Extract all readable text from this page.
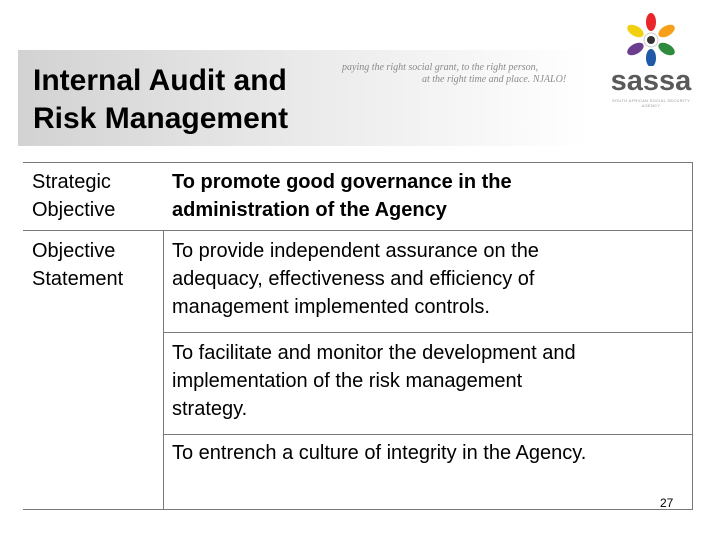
Internal Audit and
Risk Management
paying the right social grant, to the right person,
at the right time and place. NJALO! sassa
SOUTH AFRICAN SOCIAL SECURITY AGENCY
Strategic
Objective
To promote good governance in the
administration of the Agency
Objective
Statement
To provide independent assurance on the
adequacy, effectiveness and efficiency of
management implemented controls.
To facilitate and monitor the development and
implementation of the risk management
strategy.
To entrench a culture of integrity in the Agency.
27
